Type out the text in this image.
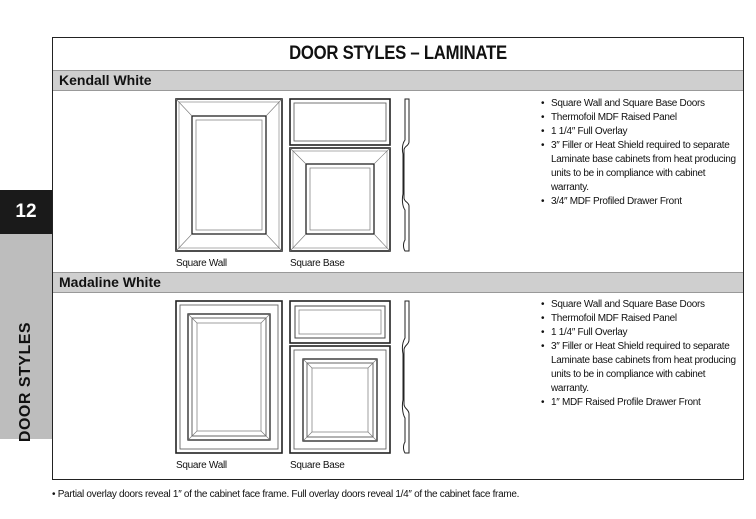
12
DOOR STYLES
DOOR STYLES – LAMINATE
Kendall White
Square Wall	Square Base
• Square Wall and Square Base Doors
• Thermofoil MDF Raised Panel
• 1 1/4″ Full Overlay
• 3″ Filler or Heat Shield required to separate Laminate base cabinets from heat producing units to be in compliance with cabinet warranty.
• 3/4″ MDF Profiled Drawer Front
Madaline White
Square Wall	Square Base
• Square Wall and Square Base Doors
• Thermofoil MDF Raised Panel
• 1 1/4″ Full Overlay
• 3″ Filler or Heat Shield required to separate Laminate base cabinets from heat producing units to be in compliance with cabinet warranty.
• 1″ MDF Raised Profile Drawer Front
• Partial overlay doors reveal 1″ of the cabinet face frame. Full overlay doors reveal 1/4″ of the cabinet face frame.
